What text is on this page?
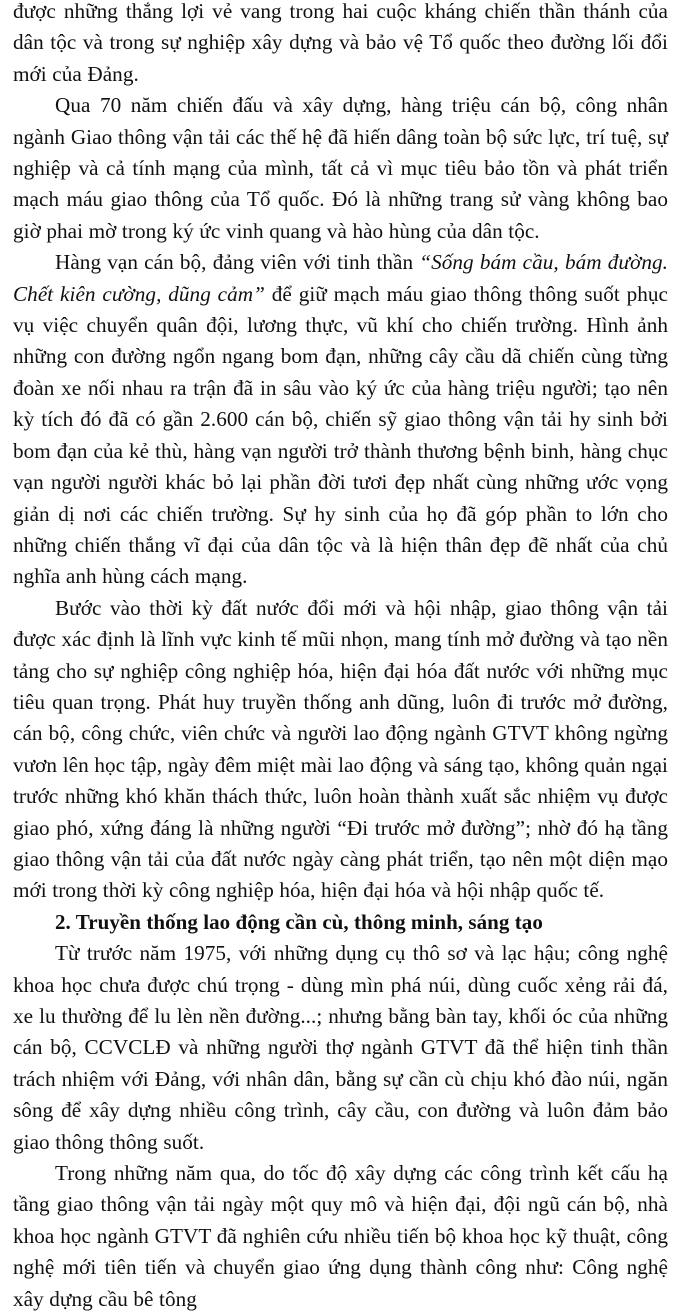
được những thắng lợi vẻ vang trong hai cuộc kháng chiến thần thánh của dân tộc và trong sự nghiệp xây dựng và bảo vệ Tổ quốc theo đường lối đổi mới của Đảng.

Qua 70 năm chiến đấu và xây dựng, hàng triệu cán bộ, công nhân ngành Giao thông vận tải các thế hệ đã hiến dâng toàn bộ sức lực, trí tuệ, sự nghiệp và cả tính mạng của mình, tất cả vì mục tiêu bảo tồn và phát triển mạch máu giao thông của Tổ quốc. Đó là những trang sử vàng không bao giờ phai mờ trong ký ức vinh quang và hào hùng của dân tộc.

Hàng vạn cán bộ, đảng viên với tinh thần “Sống bám cầu, bám đường. Chết kiên cường, dũng cảm” để giữ mạch máu giao thông thông suốt phục vụ việc chuyển quân đội, lương thực, vũ khí cho chiến trường. Hình ảnh những con đường ngổn ngang bom đạn, những cây cầu dã chiến cùng từng đoàn xe nối nhau ra trận đã in sâu vào ký ức của hàng triệu người; tạo nên kỳ tích đó đã có gần 2.600 cán bộ, chiến sỹ giao thông vận tải hy sinh bởi bom đạn của kẻ thù, hàng vạn người trở thành thương bệnh binh, hàng chục vạn người người khác bỏ lại phần đời tươi đẹp nhất cùng những ước vọng giản dị nơi các chiến trường. Sự hy sinh của họ đã góp phần to lớn cho những chiến thắng vĩ đại của dân tộc và là hiện thân đẹp đẽ nhất của chủ nghĩa anh hùng cách mạng.

Bước vào thời kỳ đất nước đổi mới và hội nhập, giao thông vận tải được xác định là lĩnh vực kinh tế mũi nhọn, mang tính mở đường và tạo nền tảng cho sự nghiệp công nghiệp hóa, hiện đại hóa đất nước với những mục tiêu quan trọng. Phát huy truyền thống anh dũng, luôn đi trước mở đường, cán bộ, công chức, viên chức và người lao động ngành GTVT không ngừng vươn lên học tập, ngày đêm miệt mài lao động và sáng tạo, không quản ngại trước những khó khăn thách thức, luôn hoàn thành xuất sắc nhiệm vụ được giao phó, xứng đáng là những người “Đi trước mở đường”; nhờ đó hạ tầng giao thông vận tải của đất nước ngày càng phát triển, tạo nên một diện mạo mới trong thời kỳ công nghiệp hóa, hiện đại hóa và hội nhập quốc tế.

2. Truyền thống lao động cần cù, thông minh, sáng tạo

Từ trước năm 1975, với những dụng cụ thô sơ và lạc hậu; công nghệ khoa học chưa được chú trọng - dùng mìn phá núi, dùng cuốc xẻng rải đá, xe lu thường để lu lèn nền đường...; nhưng bằng bàn tay, khối óc của những cán bộ, CCVCLĐ và những người thợ ngành GTVT đã thể hiện tinh thần trách nhiệm với Đảng, với nhân dân, bằng sự cần cù chịu khó đào núi, ngăn sông để xây dựng nhiều công trình, cây cầu, con đường và luôn đảm bảo giao thông thông suốt.

Trong những năm qua, do tốc độ xây dựng các công trình kết cấu hạ tầng giao thông vận tải ngày một quy mô và hiện đại, đội ngũ cán bộ, nhà khoa học ngành GTVT đã nghiên cứu nhiều tiến bộ khoa học kỹ thuật, công nghệ mới tiên tiến và chuyển giao ứng dụng thành công như: Công nghệ xây dựng cầu bê tông
